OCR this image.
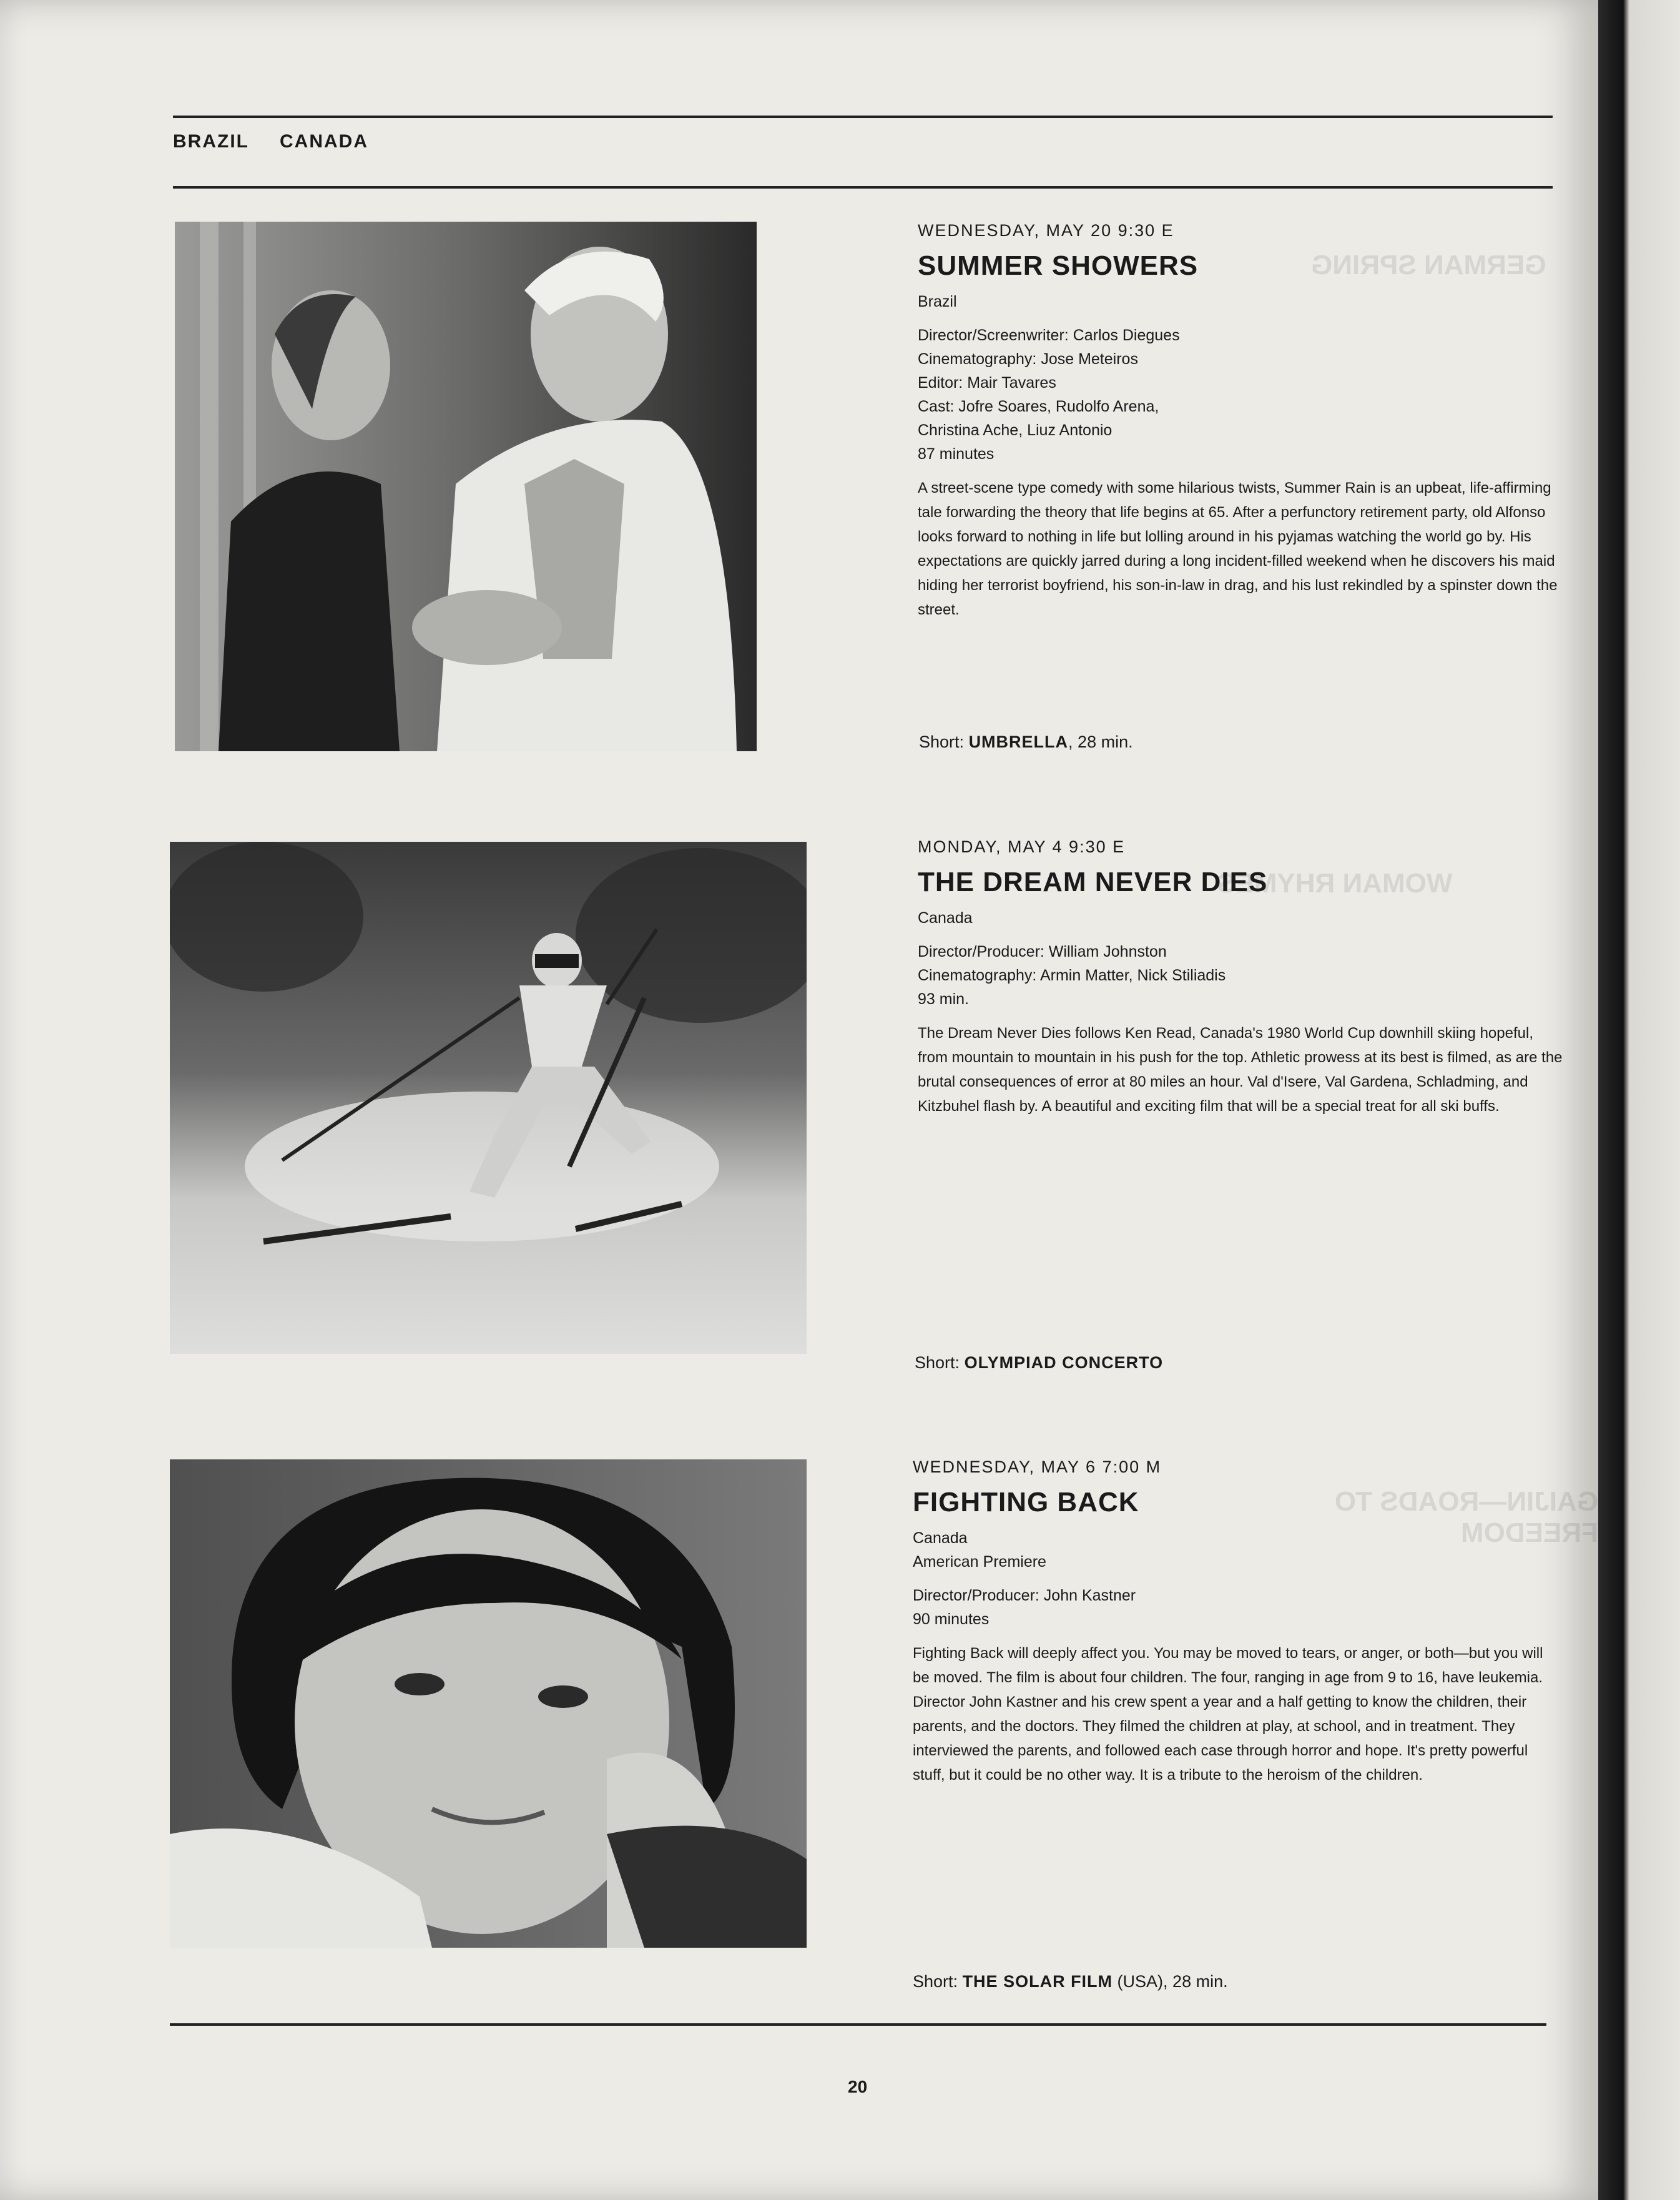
GERMAN SPRING
WOMAN RHYMES
GAIJIN—ROADS TO FREEDOM
BRAZIL CANADA
WEDNESDAY, MAY 20 9:30 E
SUMMER SHOWERS
Brazil
Director/Screenwriter: Carlos Diegues
Cinematography: Jose Meteiros
Editor: Mair Tavares
Cast: Jofre Soares, Rudolfo Arena,
Christina Ache, Liuz Antonio
87 minutes
A street-scene type comedy with some hilarious twists, Summer Rain is an upbeat, life-affirming tale forwarding the theory that life begins at 65. After a perfunctory retirement party, old Alfonso looks forward to nothing in life but lolling around in his pyjamas watching the world go by. His expectations are quickly jarred during a long incident-filled weekend when he discovers his maid hiding her terrorist boyfriend, his son-in-law in drag, and his lust rekindled by a spinster down the street.
Short: UMBRELLA, 28 min.
MONDAY, MAY 4 9:30 E
THE DREAM NEVER DIES
Canada
Director/Producer: William Johnston
Cinematography: Armin Matter, Nick Stiliadis
93 min.
The Dream Never Dies follows Ken Read, Canada's 1980 World Cup downhill skiing hopeful, from mountain to mountain in his push for the top. Athletic prowess at its best is filmed, as are the brutal consequences of error at 80 miles an hour. Val d'Isere, Val Gardena, Schladming, and Kitzbuhel flash by. A beautiful and exciting film that will be a special treat for all ski buffs.
Short: OLYMPIAD CONCERTO
WEDNESDAY, MAY 6 7:00 M
FIGHTING BACK
Canada
American Premiere
Director/Producer: John Kastner
90 minutes
Fighting Back will deeply affect you. You may be moved to tears, or anger, or both—but you will be moved. The film is about four children. The four, ranging in age from 9 to 16, have leukemia. Director John Kastner and his crew spent a year and a half getting to know the children, their parents, and the doctors. They filmed the children at play, at school, and in treatment. They interviewed the parents, and followed each case through horror and hope. It's pretty powerful stuff, but it could be no other way. It is a tribute to the heroism of the children.
Short: THE SOLAR FILM (USA), 28 min.
20
